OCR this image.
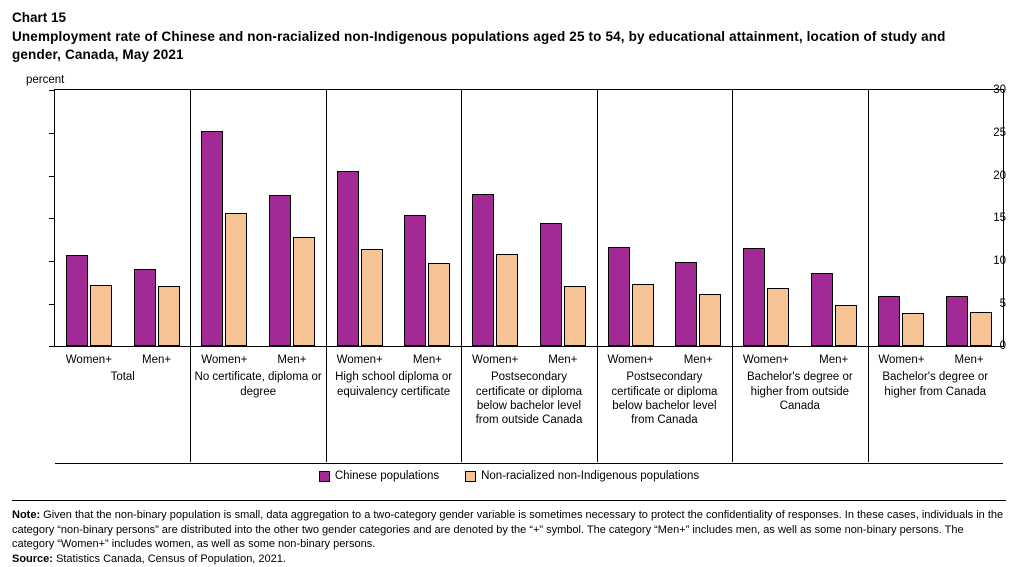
Chart 15
Unemployment rate of Chinese and non-racialized non-Indigenous populations aged 25 to 54, by educational attainment, location of study and gender, Canada, May 2021
percent
0
5
10
15
20
25
30
Women+	Men+	Women+	Men+	Women+	Men+	Women+	Men+	Women+	Men+	Women+	Men+	Women+	Men+
Total	No certificate, diploma or degree
High school diploma or equivalency certificate
Postsecondary certificate or diploma below bachelor level from outside Canada
Postsecondary certificate or diploma below bachelor level from Canada
Bachelor's degree or higher from outside Canada
Bachelor's degree or higher from Canada
Chinese populations	Non-racialized non-Indigenous populations
Note: Given that the non-binary population is small, data aggregation to a two-category gender variable is sometimes necessary to protect the confidentiality of responses. In these cases, individuals in the category “non-binary persons” are distributed into the other two gender categories and are denoted by the “+” symbol. The category “Men+” includes men, as well as some non-binary persons. The category “Women+” includes women, as well as some non-binary persons.
Source: Statistics Canada, Census of Population, 2021.
